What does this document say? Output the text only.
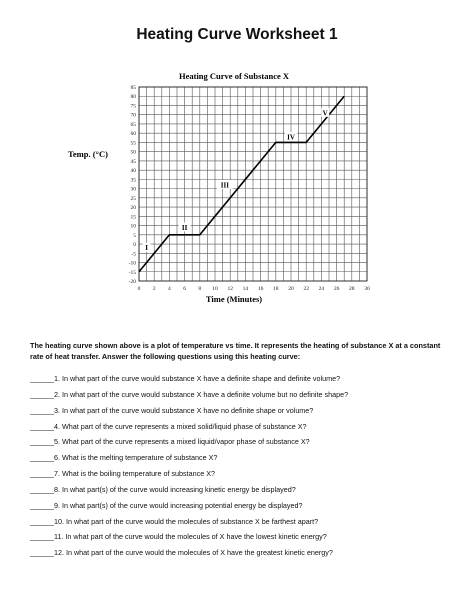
Heating Curve Worksheet 1
Heating Curve of Substance X
85
80
75
70
65
60
55
50
45
40
35
30
25
20
15
10
5
0
-5
-10
-15
-20
0 2 4 6 8 10 12 14 16 18 20 22 24 26 28 30
Temp. (°C)
Time (Minutes)
I
II
III
IV
V
The heating curve shown above is a plot of temperature vs time. It represents the heating of substance X at a constant rate of heat transfer. Answer the following questions using this heating curve:
______1. In what part of the curve would substance X have a definite shape and definite volume?
______2. In what part of the curve would substance X have a definite volume but no definite shape?
______3. In what part of the curve would substance X have no definite shape or volume?
______4. What part of the curve represents a mixed solid/liquid phase of substance X?
______5. What part of the curve represents a mixed liquid/vapor phase of substance X?
______6. What is the melting temperature of substance X?
______7. What is the boiling temperature of substance X?
______8. In what part(s) of the curve would increasing kinetic energy be displayed?
______9. In what part(s) of the curve would increasing potential energy be displayed?
______10. In what part of the curve would the molecules of substance X be farthest apart?
______11. In what part of the curve would the molecules of X have the lowest kinetic energy?
______12. In what part of the curve would the molecules of X have the greatest kinetic energy?
